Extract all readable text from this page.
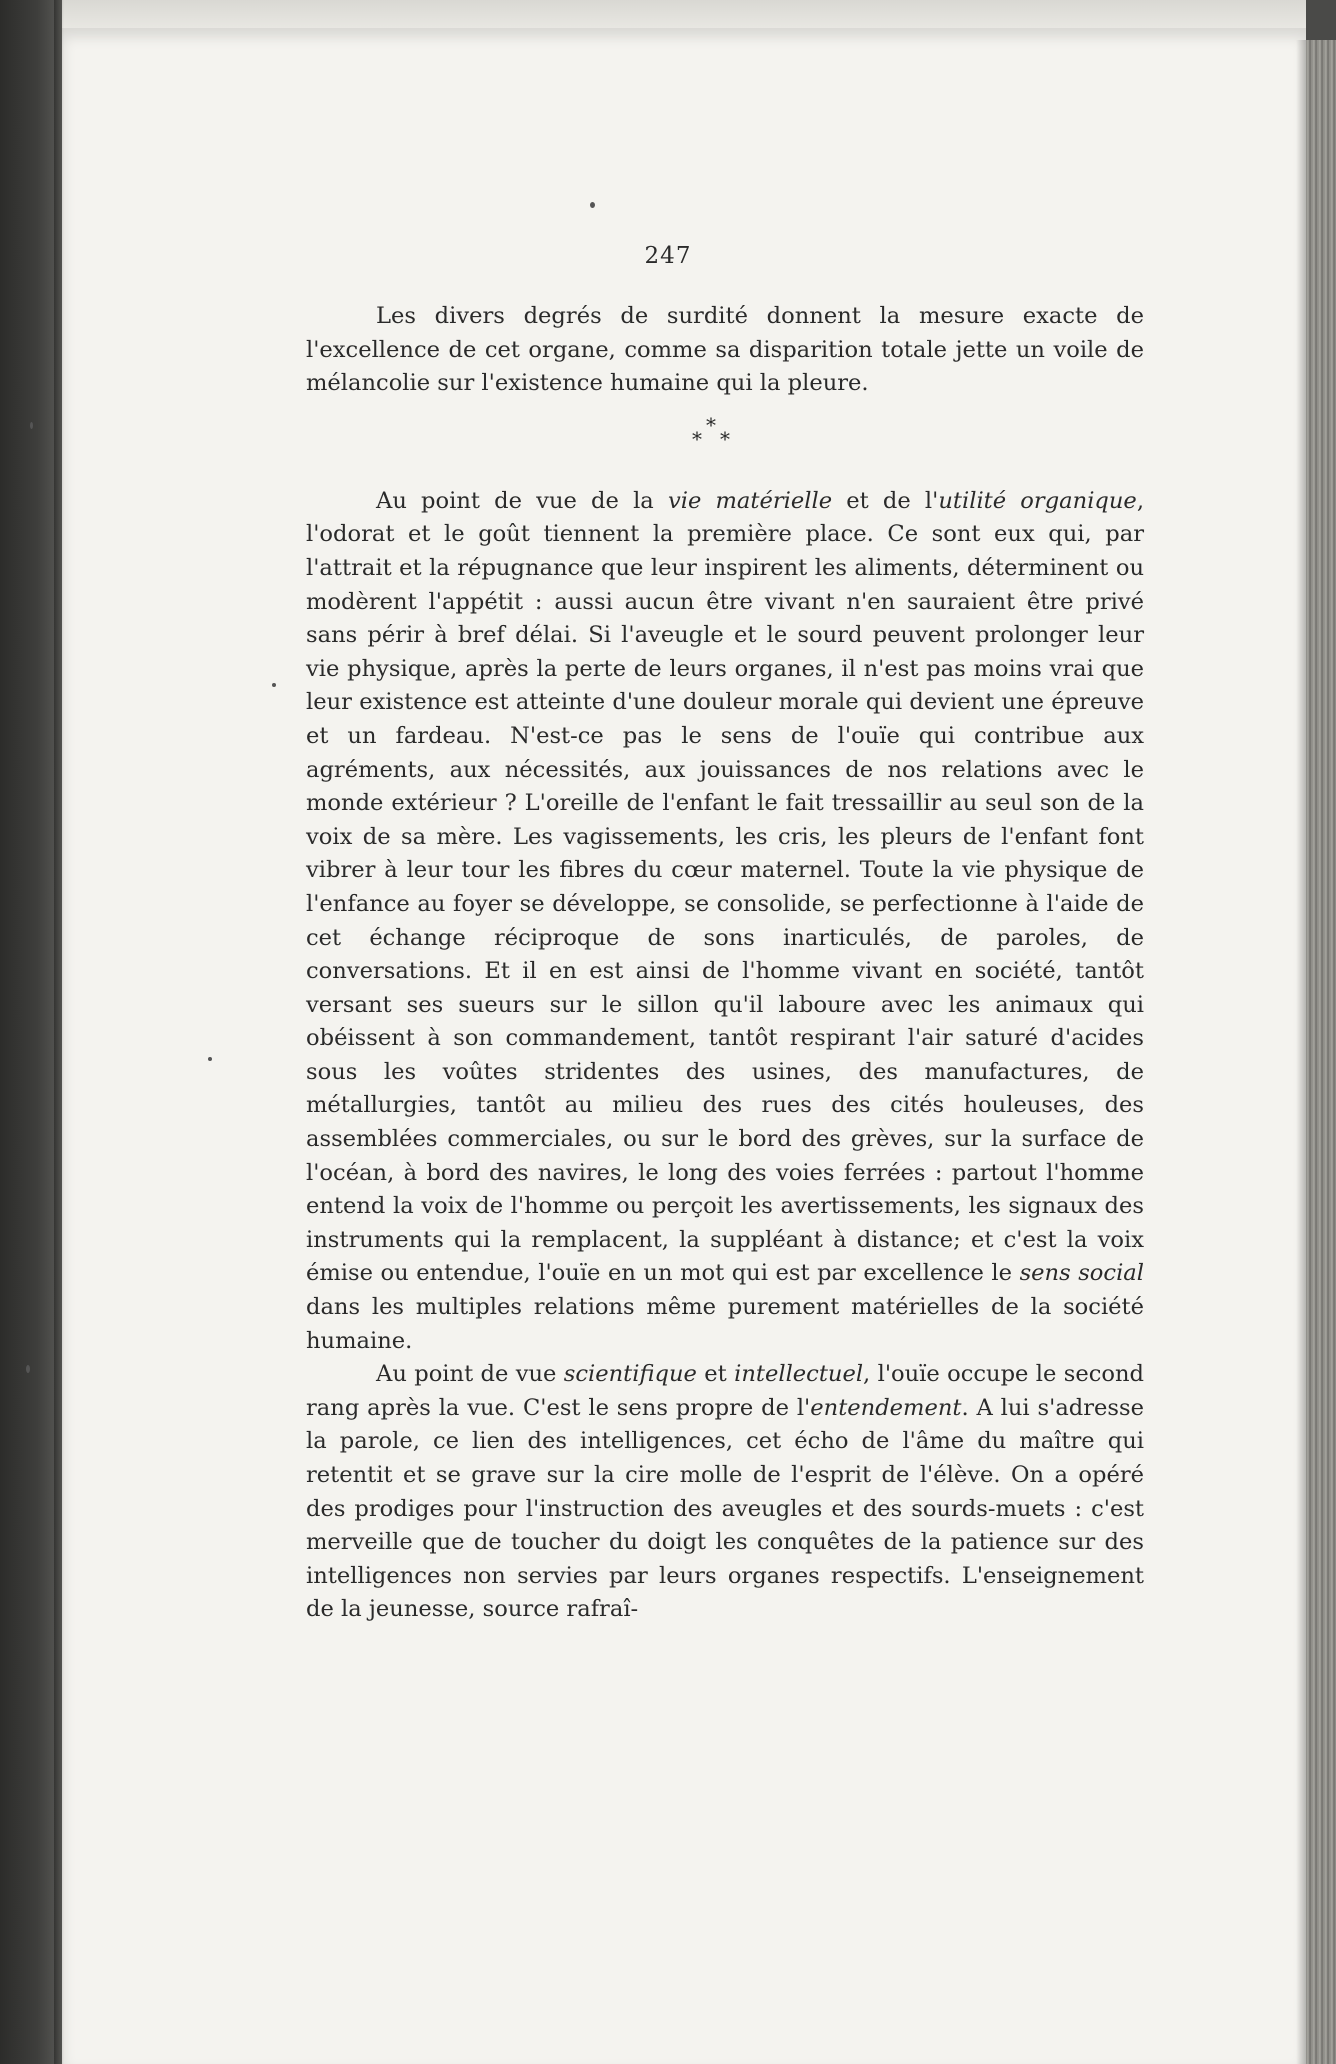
247

Les divers degrés de surdité donnent la mesure exacte de l'excellence de cet organe, comme sa disparition totale jette un voile de mélancolie sur l'existence humaine qui la pleure.

*
* *

Au point de vue de la vie matérielle et de l'utilité organique, l'odorat et le goût tiennent la première place. Ce sont eux qui, par l'attrait et la répugnance que leur inspirent les aliments, déterminent ou modèrent l'appétit : aussi aucun être vivant n'en sauraient être privé sans périr à bref délai. Si l'aveugle et le sourd peuvent prolonger leur vie physique, après la perte de leurs organes, il n'est pas moins vrai que leur existence est atteinte d'une douleur morale qui devient une épreuve et un fardeau. N'est-ce pas le sens de l'ouïe qui contribue aux agréments, aux nécessités, aux jouissances de nos relations avec le monde extérieur ? L'oreille de l'enfant le fait tressaillir au seul son de la voix de sa mère. Les vagissements, les cris, les pleurs de l'enfant font vibrer à leur tour les fibres du cœur maternel. Toute la vie physique de l'enfance au foyer se développe, se consolide, se perfectionne à l'aide de cet échange réciproque de sons inarticulés, de paroles, de conversations. Et il en est ainsi de l'homme vivant en société, tantôt versant ses sueurs sur le sillon qu'il laboure avec les animaux qui obéissent à son commandement, tantôt respirant l'air saturé d'acides sous les voûtes stridentes des usines, des manufactures, de métallurgies, tantôt au milieu des rues des cités houleuses, des assemblées commerciales, ou sur le bord des grèves, sur la surface de l'océan, à bord des navires, le long des voies ferrées : partout l'homme entend la voix de l'homme ou perçoit les avertissements, les signaux des instruments qui la remplacent, la suppléant à distance; et c'est la voix émise ou entendue, l'ouïe en un mot qui est par excellence le sens social dans les multiples relations même purement matérielles de la société humaine.

Au point de vue scientifique et intellectuel, l'ouïe occupe le second rang après la vue. C'est le sens propre de l'entendement. A lui s'adresse la parole, ce lien des intelligences, cet écho de l'âme du maître qui retentit et se grave sur la cire molle de l'esprit de l'élève. On a opéré des prodiges pour l'instruction des aveugles et des sourds-muets : c'est merveille que de toucher du doigt les conquêtes de la patience sur des intelligences non servies par leurs organes respectifs. L'enseignement de la jeunesse, source rafraî-
